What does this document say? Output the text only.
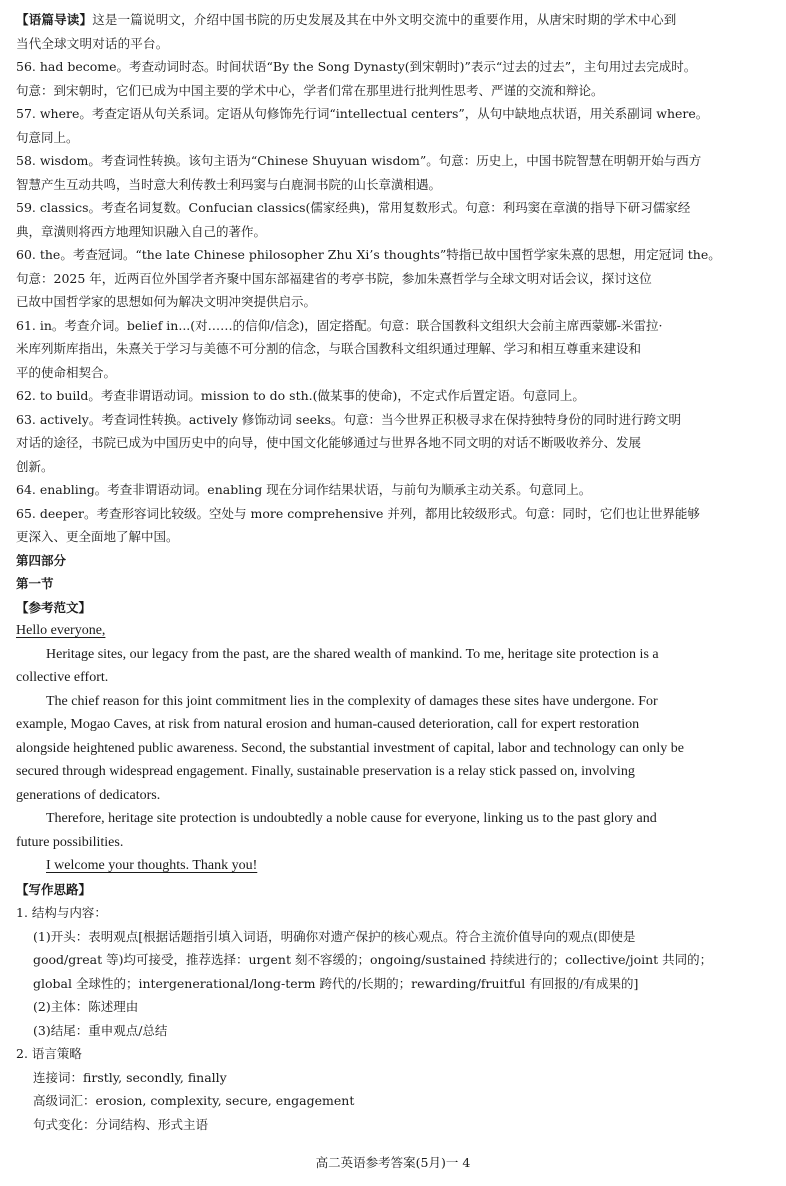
【语篇导读】这是一篇说明文，介绍中国书院的历史发展及其在中外文明交流中的重要作用，从唐宋时期的学术中心到
当代全球文明对话的平台。
56. had become。考查动词时态。时间状语“By the Song Dynasty(到宋朝时)”表示“过去的过去”，主句用过去完成时。
句意：到宋朝时，它们已成为中国主要的学术中心，学者们常在那里进行批判性思考、严谨的交流和辩论。
57. where。考查定语从句关系词。定语从句修饰先行词“intellectual centers”，从句中缺地点状语，用关系副词 where。
句意同上。
58. wisdom。考查词性转换。该句主语为“Chinese Shuyuan wisdom”。句意：历史上，中国书院智慧在明朝开始与西方
智慧产生互动共鸣，当时意大利传教士利玛窦与白鹿洞书院的山长章潢相遇。
59. classics。考查名词复数。Confucian classics(儒家经典)，常用复数形式。句意：利玛窦在章潢的指导下研习儒家经
典，章潢则将西方地理知识融入自己的著作。
60. the。考查冠词。“the late Chinese philosopher Zhu Xi’s thoughts”特指已故中国哲学家朱熹的思想，用定冠词 the。
句意：2025 年，近两百位外国学者齐聚中国东部福建省的考亭书院，参加朱熹哲学与全球文明对话会议，探讨这位
已故中国哲学家的思想如何为解决文明冲突提供启示。
61. in。考查介词。belief in...(对……的信仰/信念)，固定搭配。句意：联合国教科文组织大会前主席西蒙娜-米雷拉·
米库列斯库指出，朱熹关于学习与美德不可分割的信念，与联合国教科文组织通过理解、学习和相互尊重来建设和
平的使命相契合。
62. to build。考查非谓语动词。mission to do sth.(做某事的使命)，不定式作后置定语。句意同上。
63. actively。考查词性转换。actively 修饰动词 seeks。句意：当今世界正积极寻求在保持独特身份的同时进行跨文明
对话的途径，书院已成为中国历史中的向导，使中国文化能够通过与世界各地不同文明的对话不断吸收养分、发展
创新。
64. enabling。考查非谓语动词。enabling 现在分词作结果状语，与前句为顺承主动关系。句意同上。
65. deeper。考查形容词比较级。空处与 more comprehensive 并列，都用比较级形式。句意：同时，它们也让世界能够
更深入、更全面地了解中国。
第四部分
第一节
【参考范文】
Hello everyone,
Heritage sites, our legacy from the past, are the shared wealth of mankind. To me, heritage site protection is a
collective effort.
The chief reason for this joint commitment lies in the complexity of damages these sites have undergone. For
example, Mogao Caves, at risk from natural erosion and human-caused deterioration, call for expert restoration
alongside heightened public awareness. Second, the substantial investment of capital, labor and technology can only be
secured through widespread engagement. Finally, sustainable preservation is a relay stick passed on, involving
generations of dedicators.
Therefore, heritage site protection is undoubtedly a noble cause for everyone, linking us to the past glory and
future possibilities.
I welcome your thoughts. Thank you!
【写作思路】
1. 结构与内容：
(1)开头：表明观点[根据话题指引填入词语，明确你对遗产保护的核心观点。符合主流价值导向的观点(即使是
good/great 等)均可接受，推荐选择：urgent 刻不容缓的；ongoing/sustained 持续进行的；collective/joint 共同的；
global 全球性的；intergenerational/long-term 跨代的/长期的；rewarding/fruitful 有回报的/有成果的]
(2)主体：陈述理由
(3)结尾：重申观点/总结
2. 语言策略
连接词：firstly, secondly, finally
高级词汇：erosion, complexity, secure, engagement
句式变化：分词结构、形式主语
高二英语参考答案(5月)一 4
